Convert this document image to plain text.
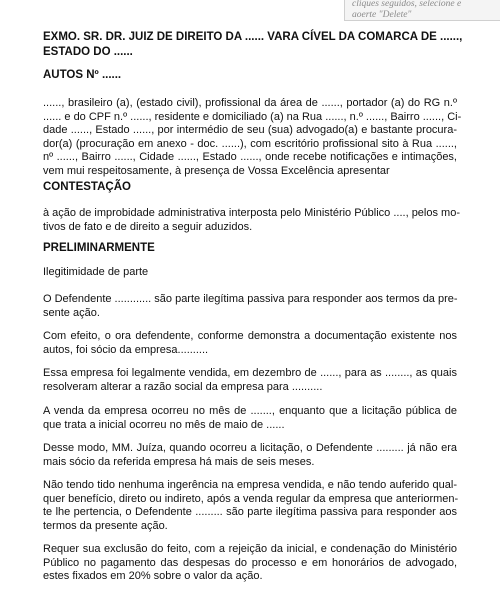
cliques seguidos, selecione e
aoerte "Delete"
EXMO. SR. DR. JUIZ DE DIREITO DA ...... VARA CÍVEL DA COMARCA DE ......,
ESTADO DO ......
AUTOS Nº ......
......, brasileiro (a), (estado civil), profissional da área de ......, portador (a) do RG n.º
...... e do CPF n.º ......, residente e domiciliado (a) na Rua ......, n.º ......, Bairro ......, Ci-
dade ......, Estado ......, por intermédio de seu (sua) advogado(a) e bastante procura-
dor(a) (procuração em anexo - doc. ......), com escritório profissional sito à Rua ......,
nº ......, Bairro ......, Cidade ......, Estado ......, onde recebe notificações e intimações,
vem mui respeitosamente, à presença de Vossa Excelência apresentar
CONTESTAÇÃO
à ação de improbidade administrativa interposta pelo Ministério Público ...., pelos mo-
tivos de fato e de direito a seguir aduzidos.
PRELIMINARMENTE
Ilegitimidade de parte
O Defendente ............ são parte ilegítima passiva para responder aos termos da pre-
sente ação.
Com efeito, o ora defendente, conforme demonstra a documentação existente nos
autos, foi sócio da empresa..........
Essa empresa foi legalmente vendida, em dezembro de ......, para as ........, as quais
resolveram alterar a razão social da empresa para ..........
A venda da empresa ocorreu no mês de ......., enquanto que a licitação pública de
que trata a inicial ocorreu no mês de maio de ......
Desse modo, MM. Juíza, quando ocorreu a licitação, o Defendente ......... já não era
mais sócio da referida empresa há mais de seis meses.
Não tendo tido nenhuma ingerência na empresa vendida, e não tendo auferido qual-
quer benefício, direto ou indireto, após a venda regular da empresa que anteriormen-
te lhe pertencia, o Defendente ......... são parte ilegítima passiva para responder aos
termos da presente ação.
Requer sua exclusão do feito, com a rejeição da inicial, e condenação do Ministério
Público no pagamento das despesas do processo e em honorários de advogado,
estes fixados em 20% sobre o valor da ação.
